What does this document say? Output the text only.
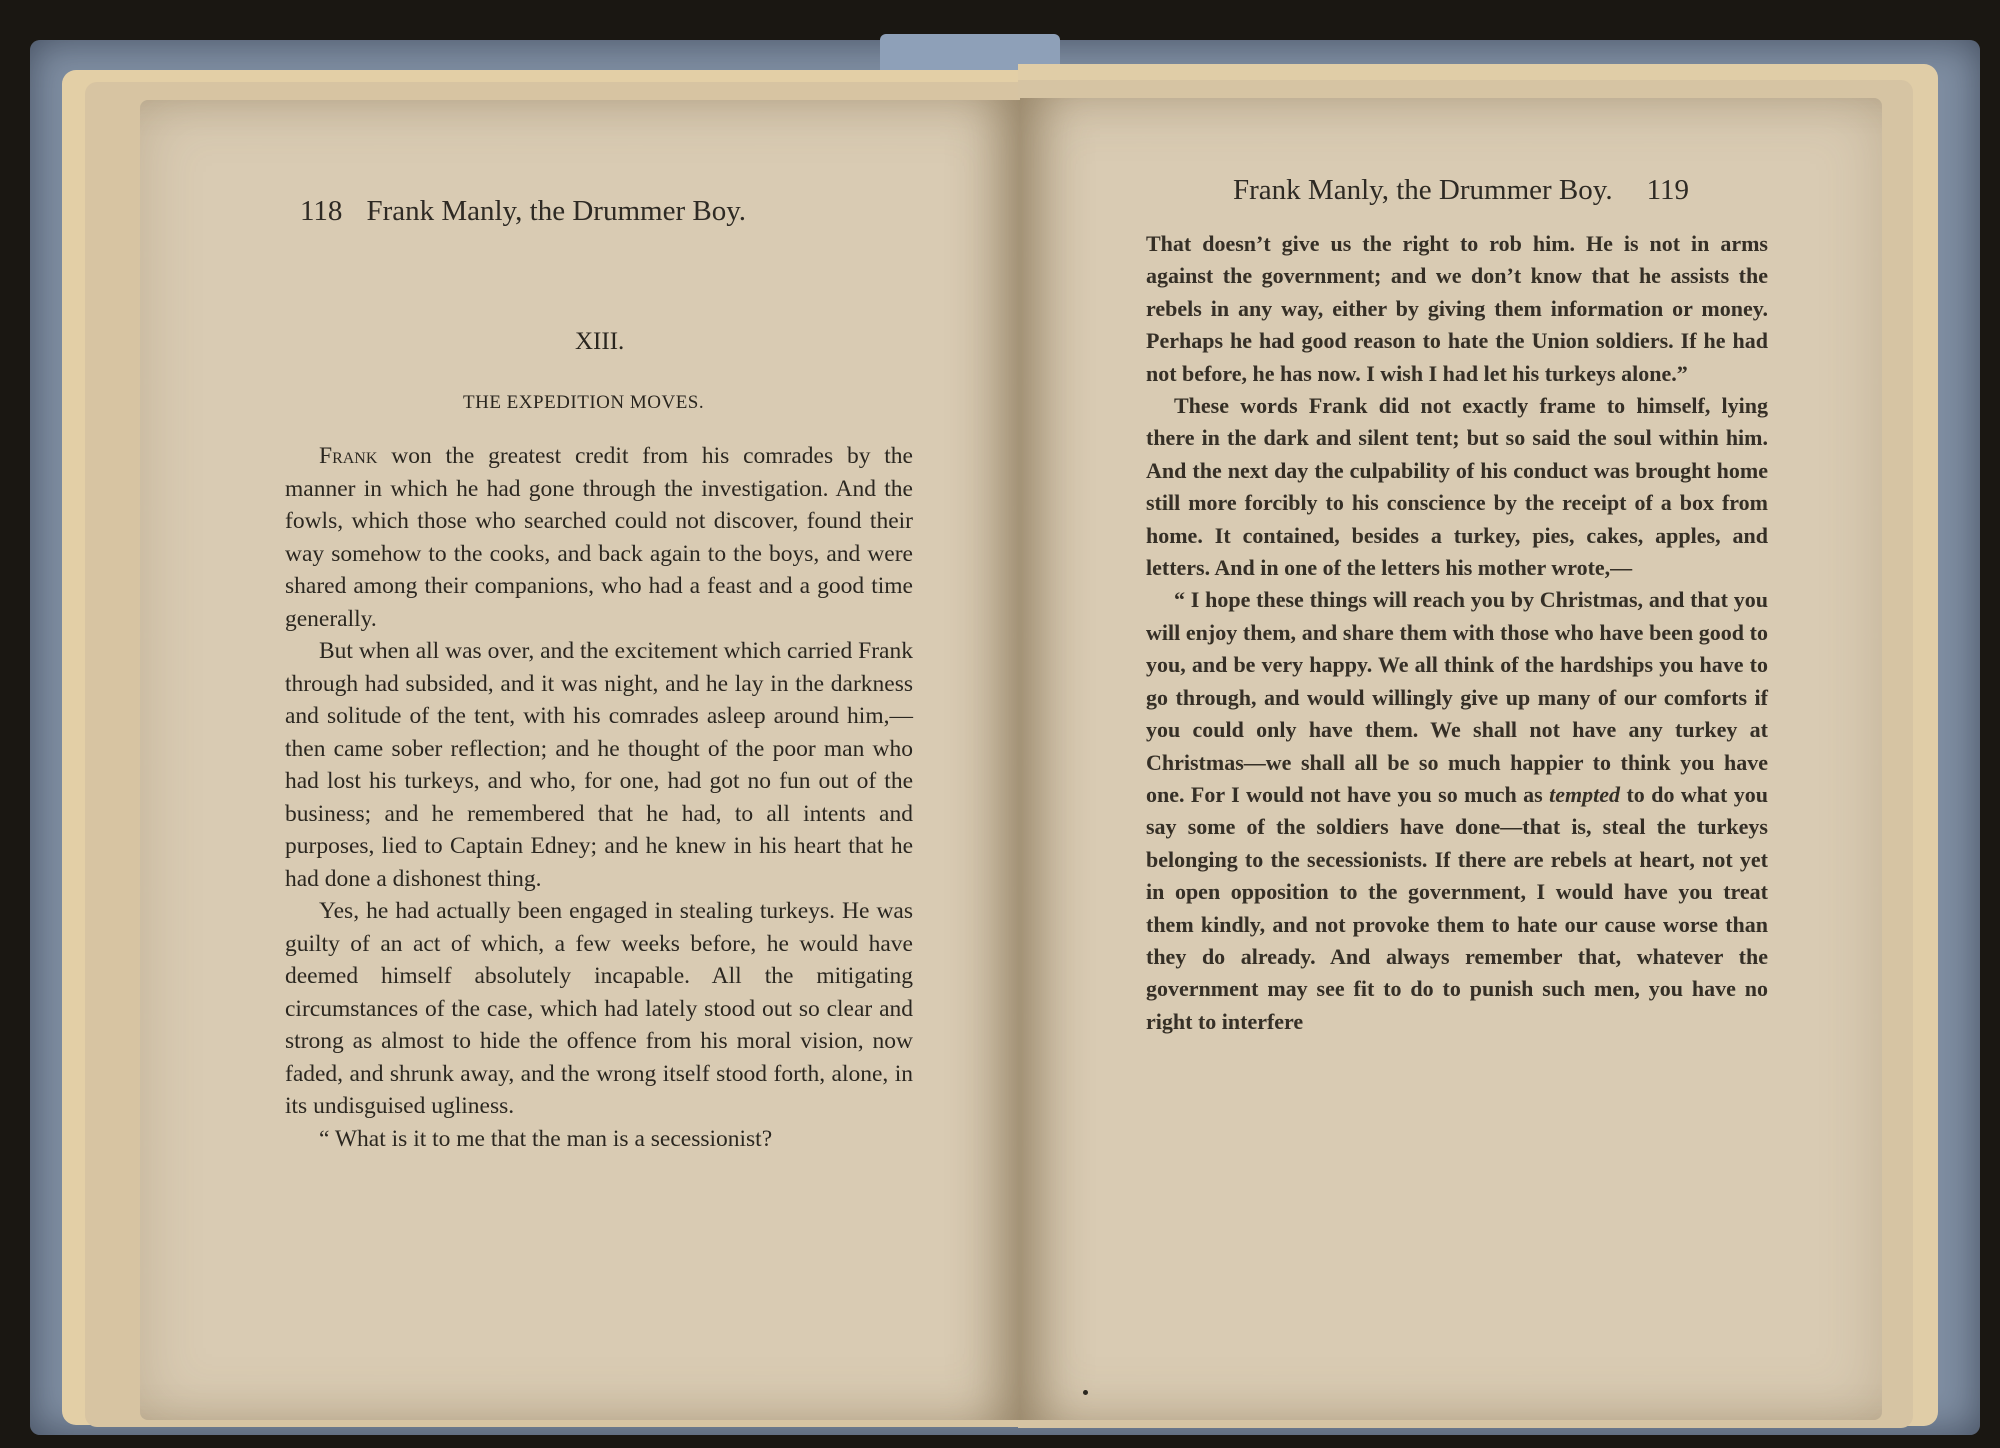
118 Frank Manly, the Drummer Boy.
XIII.
THE EXPEDITION MOVES.

Frank won the greatest credit from his comrades by the manner in which he had gone through the investigation. And the fowls, which those who searched could not discover, found their way somehow to the cooks, and back again to the boys, and were shared among their companions, who had a feast and a good time generally.

But when all was over, and the excitement which carried Frank through had subsided, and it was night, and he lay in the darkness and solitude of the tent, with his comrades asleep around him,—then came sober reflection; and he thought of the poor man who had lost his turkeys, and who, for one, had got no fun out of the business; and he remembered that he had, to all intents and purposes, lied to Captain Edney; and he knew in his heart that he had done a dishonest thing.

Yes, he had actually been engaged in stealing turkeys. He was guilty of an act of which, a few weeks before, he would have deemed himself absolutely incapable. All the mitigating circumstances of the case, which had lately stood out so clear and strong as almost to hide the offence from his moral vision, now faded, and shrunk away, and the wrong itself stood forth, alone, in its undisguised ugliness.

“ What is it to me that the man is a secessionist?

Frank Manly, the Drummer Boy. 119

That doesn’t give us the right to rob him. He is not in arms against the government; and we don’t know that he assists the rebels in any way, either by giving them information or money. Perhaps he had good reason to hate the Union soldiers. If he had not before, he has now. I wish I had let his turkeys alone.”

These words Frank did not exactly frame to himself, lying there in the dark and silent tent; but so said the soul within him. And the next day the culpability of his conduct was brought home still more forcibly to his conscience by the receipt of a box from home. It contained, besides a turkey, pies, cakes, apples, and letters. And in one of the letters his mother wrote,—

“ I hope these things will reach you by Christmas, and that you will enjoy them, and share them with those who have been good to you, and be very happy. We all think of the hardships you have to go through, and would willingly give up many of our comforts if you could only have them. We shall not have any turkey at Christmas—we shall all be so much happier to think you have one. For I would not have you so much as tempted to do what you say some of the soldiers have done—that is, steal the turkeys belonging to the secessionists. If there are rebels at heart, not yet in open opposition to the government, I would have you treat them kindly, and not provoke them to hate our cause worse than they do already. And always remember that, whatever the government may see fit to do to punish such men, you have no right to interfere
